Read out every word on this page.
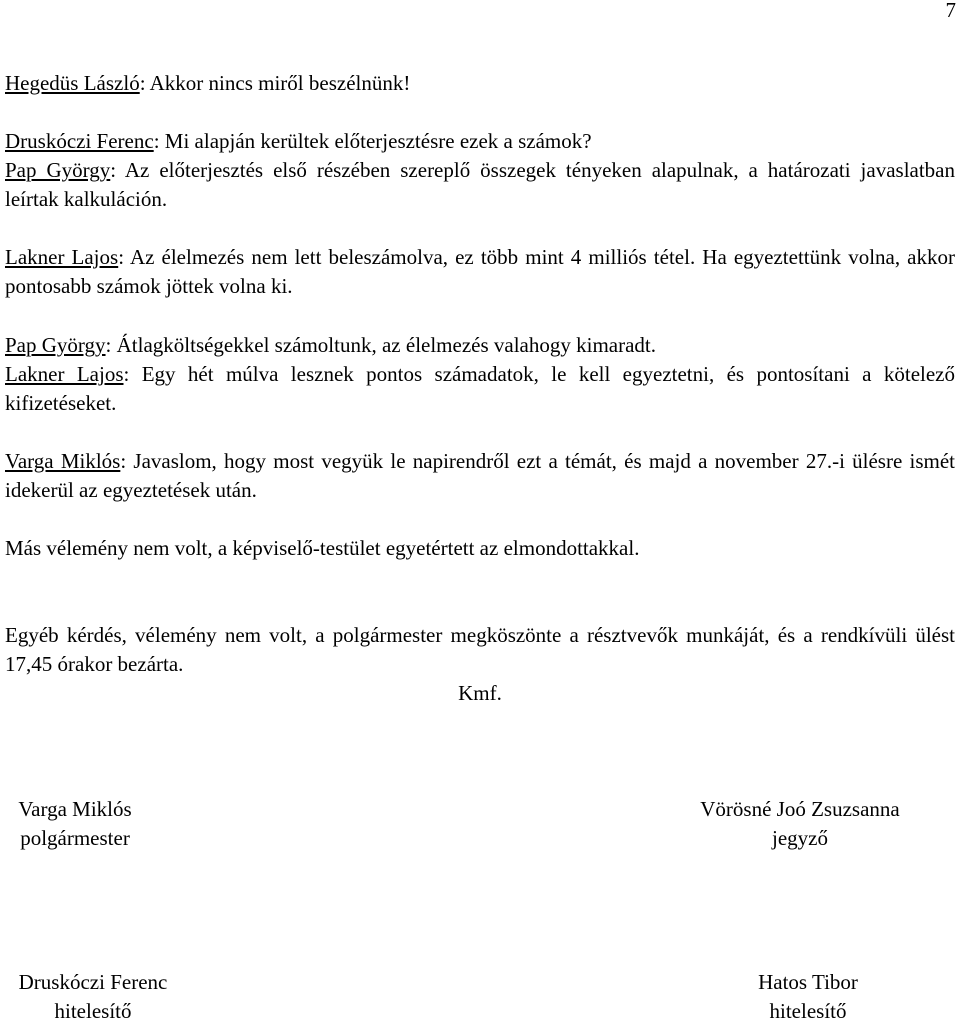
7

Hegedüs László: Akkor nincs miről beszélnünk!

Druskóczi Ferenc: Mi alapján kerültek előterjesztésre ezek a számok?

Pap György: Az előterjesztés első részében szereplő összegek tényeken alapulnak, a határozati javaslatban leírtak kalkuláción.

Lakner Lajos: Az élelmezés nem lett beleszámolva, ez több mint 4 milliós tétel. Ha egyeztettünk volna, akkor pontosabb számok jöttek volna ki.

Pap György: Átlagköltségekkel számoltunk, az élelmezés valahogy kimaradt.

Lakner Lajos: Egy hét múlva lesznek pontos számadatok, le kell egyeztetni, és pontosítani a kötelező kifizetéseket.

Varga Miklós: Javaslom, hogy most vegyük le napirendről ezt a témát, és majd a november 27.-i ülésre ismét idekerül az egyeztetések után.

Más vélemény nem volt, a képviselő-testület egyetértett az elmondottakkal.

Egyéb kérdés, vélemény nem volt, a polgármester megköszönte a résztvevők munkáját, és a rendkívüli ülést 17,45 órakor bezárta.

Kmf.
Varga Miklós
polgármester
Vörösné Joó Zsuzsanna
jegyző
Druskóczi Ferenc
hitelesítő
Hatos Tibor
hitelesítő
